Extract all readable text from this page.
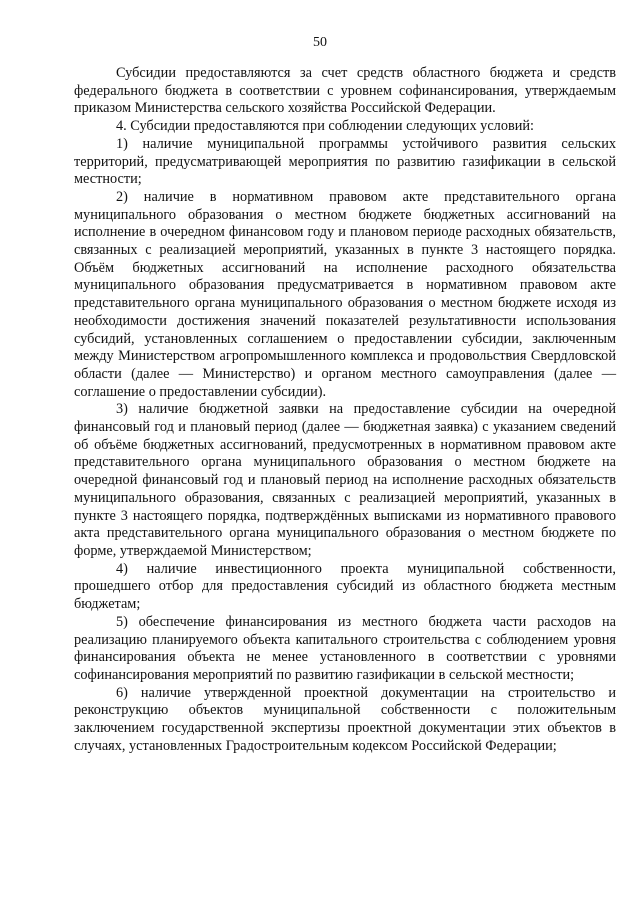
50

Субсидии предоставляются за счет средств областного бюджета и средств федерального бюджета в соответствии с уровнем софинансирования, утверждаемым приказом Министерства сельского хозяйства Российской Федерации.

4. Субсидии предоставляются при соблюдении следующих условий:

1) наличие муниципальной программы устойчивого развития сельских территорий, предусматривающей мероприятия по развитию газификации в сельской местности;

2) наличие в нормативном правовом акте представительного органа муниципального образования о местном бюджете бюджетных ассигнований на исполнение в очередном финансовом году и плановом периоде расходных обязательств, связанных с реализацией мероприятий, указанных в пункте 3 настоящего порядка. Объём бюджетных ассигнований на исполнение расходного обязательства муниципального образования предусматривается в нормативном правовом акте представительного органа муниципального образования о местном бюджете исходя из необходимости достижения значений показателей результативности использования субсидий, установленных соглашением о предоставлении субсидии, заключенным между Министерством агропромышленного комплекса и продовольствия Свердловской области (далее — Министерство) и органом местного самоуправления (далее — соглашение о предоставлении субсидии).

3) наличие бюджетной заявки на предоставление субсидии на очередной финансовый год и плановый период (далее — бюджетная заявка) с указанием сведений об объёме бюджетных ассигнований, предусмотренных в нормативном правовом акте представительного органа муниципального образования о местном бюджете на очередной финансовый год и плановый период на исполнение расходных обязательств муниципального образования, связанных с реализацией мероприятий, указанных в пункте 3 настоящего порядка, подтверждённых выписками из нормативного правового акта представительного органа муниципального образования о местном бюджете по форме, утверждаемой Министерством;

4) наличие инвестиционного проекта муниципальной собственности, прошедшего отбор для предоставления субсидий из областного бюджета местным бюджетам;

5) обеспечение финансирования из местного бюджета части расходов на реализацию планируемого объекта капитального строительства с соблюдением уровня финансирования объекта не менее установленного в соответствии с уровнями софинансирования мероприятий по развитию газификации в сельской местности;

6) наличие утвержденной проектной документации на строительство и реконструкцию объектов муниципальной собственности с положительным заключением государственной экспертизы проектной документации этих объектов в случаях, установленных Градостроительным кодексом Российской Федерации;
